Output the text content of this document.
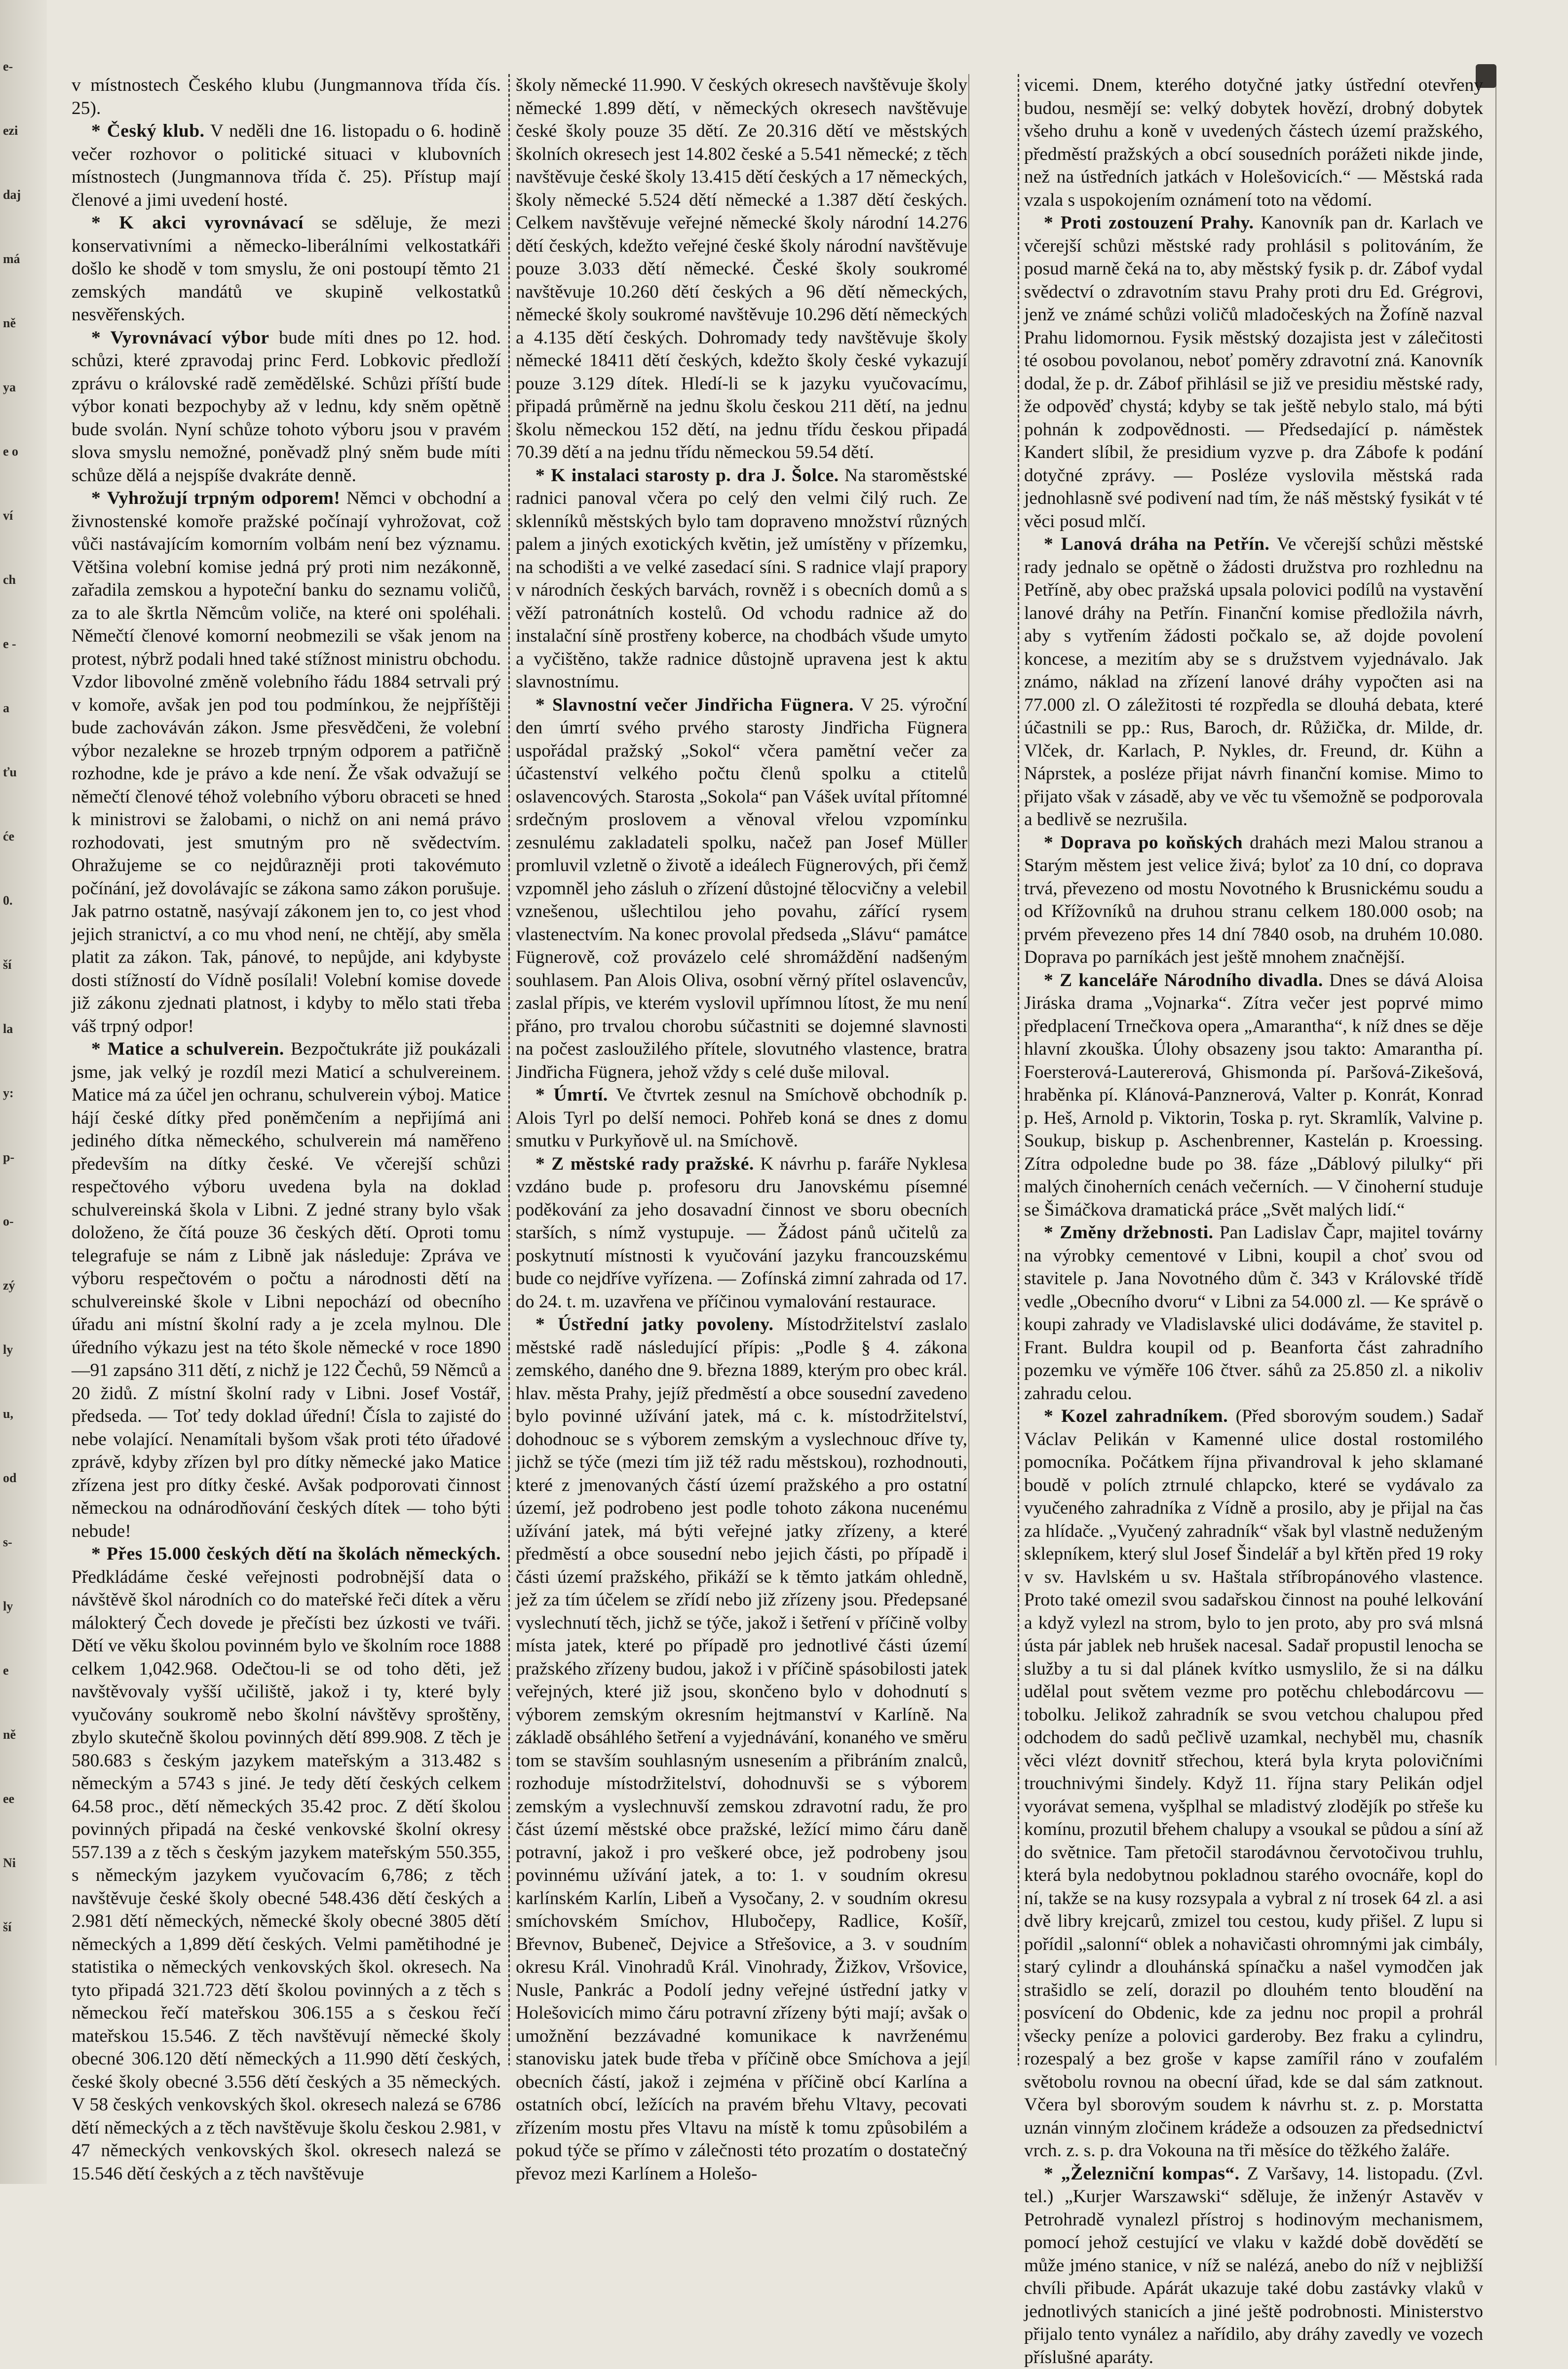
e-
ezi
daj
má
ně
ya
e o
ví
ch
e -
a
ťu
će
0.
ší
la
y:
p-
o-
zý
ly
u,
od
s-
ly
e
ně
ee
Ni
ší

v místnostech Českého klubu (Jungmannova třída čís. 25).

* Český klub. V neděli dne 16. listopadu o 6. hodině večer rozhovor o politické situaci v klubovních místnostech (Jungmannova třída č. 25). Přístup mají členové a jimi uvedení hosté.

* K akci vyrovnávací se sděluje, že mezi konservativními a německo-liberálními velkostatkáři došlo ke shodě v tom smyslu, že oni postoupí těmto 21 zemských mandátů ve skupině velkostatků nesvěřenských.

* Vyrovnávací výbor bude míti dnes po 12. hod. schůzi, které zpravodaj princ Ferd. Lobkovic předloží zprávu o královské radě zemědělské. Schůzi příští bude výbor konati bezpochyby až v lednu, kdy sněm opětně bude svolán. Nyní schůze tohoto výboru jsou v pravém slova smyslu nemožné, poněvadž plný sněm bude míti schůze dělá a nejspíše dvakráte denně.

* Vyhrožují trpným odporem! Němci v obchodní a živnostenské komoře pražské počínají vyhrožovat, což vůči nastávajícím komorním volbám není bez významu. Většina volební komise jedná prý proti nim nezákonně, zařadila zemskou a hypoteční banku do seznamu voličů, za to ale škrtla Němcům voliče, na které oni spoléhali. Němečtí členové komorní neobmezili se však jenom na protest, nýbrž podali hned také stížnost ministru obchodu. Vzdor libovolné změně volebního řádu 1884 setrvali prý v komoře, avšak jen pod tou podmínkou, že nejpříštěji bude zachováván zákon. Jsme přesvědčeni, že volební výbor nezalekne se hrozeb trpným odporem a patřičně rozhodne, kde je právo a kde není. Že však odvažují se němečtí členové téhož volebního výboru obraceti se hned k ministrovi se žalobami, o nichž on ani nemá právo rozhodovati, jest smutným pro ně svědectvím. Ohražujeme se co nejdůrazněji proti takovémuto počínání, jež dovolávajíc se zákona samo zákon porušuje. Jak patrno ostatně, nasývají zákonem jen to, co jest vhod jejich stranictví, a co mu vhod není, ne chtějí, aby směla platit za zákon. Tak, pánové, to nepůjde, ani kdybyste dosti stížností do Vídně posílali! Volební komise dovede již zákonu zjednati platnost, i kdyby to mělo stati třeba váš trpný odpor!

* Matice a schulverein. Bezpočtukráte již poukázali jsme, jak velký je rozdíl mezi Maticí a schulvereinem. Matice má za účel jen ochranu, schulverein výboj. Matice hájí české dítky před poněmčením a nepřijímá ani jediného dítka německého, schulverein má naměřeno především na dítky české. Ve včerejší schůzi respečtového výboru uvedena byla na doklad schulvereinská škola v Libni. Z jedné strany bylo však doloženo, že čítá pouze 36 českých dětí. Oproti tomu telegrafuje se nám z Libně jak následuje: Zpráva ve výboru respečtovém o počtu a národnosti dětí na schulvereinské škole v Libni nepochází od obecního úřadu ani místní školní rady a je zcela mylnou. Dle úředního výkazu jest na této škole německé v roce 1890—91 zapsáno 311 dětí, z nichž je 122 Čechů, 59 Němců a 20 židů. Z místní školní rady v Libni. Josef Vostář, předseda. — Toť tedy doklad úřední! Čísla to zajisté do nebe volající. Nenamítali byšom však proti této úřadové zprávě, kdyby zřízen byl pro dítky německé jako Matice zřízena jest pro dítky české. Avšak podporovati činnost německou na odnárodňování českých dítek — toho býti nebude!

* Přes 15.000 českých dětí na školách německých. Předkládáme české veřejnosti podrobnější data o návštěvě škol národních co do mateřské řeči dítek a věru málokterý Čech dovede je přečísti bez úzkosti ve tváři. Dětí ve věku školou povinném bylo ve školním roce 1888 celkem 1,042.968. Odečtou-li se od toho děti, jež navštěvovaly vyšší učiliště, jakož i ty, které byly vyučovány soukromě nebo školní návštěvy sproštěny, zbylo skutečně školou povinných dětí 899.908. Z těch je 580.683 s českým jazykem mateřským a 313.482 s německým a 5743 s jiné. Je tedy dětí českých celkem 64.58 proc., dětí německých 35.42 proc. Z dětí školou povinných připadá na české venkovské školní okresy 557.139 a z těch s českým jazykem mateřským 550.355, s německým jazykem vyučovacím 6,786; z těch navštěvuje české školy obecné 548.436 dětí českých a 2.981 dětí německých, německé školy obecné 3805 dětí německých a 1,899 dětí českých. Velmi pamětihodné je statistika o německých venkovských škol. okresech. Na tyto připadá 321.723 dětí školou povinných a z těch s německou řečí mateřskou 306.155 a s českou řečí mateřskou 15.546. Z těch navštěvují německé školy obecné 306.120 dětí německých a 11.990 dětí českých, české školy obecné 3.556 dětí českých a 35 německých. V 58 českých venkovských škol. okresech nalezá se 6786 dětí německých a z těch navštěvuje školu českou 2.981, v 47 německých venkovských škol. okresech nalezá se 15.546 dětí českých a z těch navštěvuje

školy německé 11.990. V českých okresech navštěvuje školy německé 1.899 dětí, v německých okresech navštěvuje české školy pouze 35 dětí. Ze 20.316 dětí ve městských školních okresech jest 14.802 české a 5.541 německé; z těch navštěvuje české školy 13.415 dětí českých a 17 německých, školy německé 5.524 dětí německé a 1.387 dětí českých. Celkem navštěvuje veřejné německé školy národní 14.276 dětí českých, kdežto veřejné české školy národní navštěvuje pouze 3.033 dětí německé. České školy soukromé navštěvuje 10.260 dětí českých a 96 dětí německých, německé školy soukromé navštěvuje 10.296 dětí německých a 4.135 dětí českých. Dohromady tedy navštěvuje školy německé 18411 dětí českých, kdežto školy české vykazují pouze 3.129 dítek. Hledí-li se k jazyku vyučovacímu, připadá průměrně na jednu školu českou 211 dětí, na jednu školu německou 152 dětí, na jednu třídu českou připadá 70.39 dětí a na jednu třídu německou 59.54 dětí.

* K instalaci starosty p. dra J. Šolce. Na staroměstské radnici panoval včera po celý den velmi čilý ruch. Ze sklenníků městských bylo tam dopraveno množství různých palem a jiných exotických květin, jež umístěny v přízemku, na schodišti a ve velké zasedací síni. S radnice vlají prapory v národních českých barvách, rovněž i s obecních domů a s věží patronátních kostelů. Od vchodu radnice až do instalační síně prostřeny koberce, na chodbách všude umyto a vyčištěno, takže radnice důstojně upravena jest k aktu slavnostnímu.

* Slavnostní večer Jindřicha Fügnera. V 25. výroční den úmrtí svého prvého starosty Jindřicha Fügnera uspořádal pražský „Sokol“ včera pamětní večer za účastenství velkého počtu členů spolku a ctitelů oslavencových. Starosta „Sokola“ pan Vášek uvítal přítomné srdečným proslovem a věnoval vřelou vzpomínku zesnulému zakladateli spolku, načež pan Josef Müller promluvil vzletně o životě a ideálech Fügnerových, při čemž vzpomněl jeho zásluh o zřízení důstojné tělocvičny a velebil vznešenou, ušlechtilou jeho povahu, zářící rysem vlastenectvím. Na konec provolal předseda „Slávu“ památce Fügnerově, což provázelo celé shromáždění nadšeným souhlasem. Pan Alois Oliva, osobní věrný přítel oslavencův, zaslal přípis, ve kterém vyslovil upřímnou lítost, že mu není přáno, pro trvalou chorobu súčastniti se dojemné slavnosti na počest zasloužilého přítele, slovutného vlastence, bratra Jindřicha Fügnera, jehož vždy s celé duše miloval.

* Úmrtí. Ve čtvrtek zesnul na Smíchově obchodník p. Alois Tyrl po delší nemoci. Pohřeb koná se dnes z domu smutku v Purkyňově ul. na Smíchově.

* Z městské rady pražské. K návrhu p. faráře Nyklesa vzdáno bude p. profesoru dru Janovskému písemné poděkování za jeho dosavadní činnost ve sboru obecních starších, s nímž vystupuje. — Žádost pánů učitelů za poskytnutí místnosti k vyučování jazyku francouzskému bude co nejdříve vyřízena. — Zofínská zimní zahrada od 17. do 24. t. m. uzavřena ve příčinou vymalování restaurace.

* Ústřední jatky povoleny. Místodržitelství zaslalo městské radě následující přípis: „Podle § 4. zákona zemského, daného dne 9. března 1889, kterým pro obec král. hlav. města Prahy, jejíž předměstí a obce sousední zavedeno bylo povinné užívání jatek, má c. k. místodržitelství, dohodnouc se s výborem zemským a vyslechnouc dříve ty, jichž se týče (mezi tím již též radu městskou), rozhodnouti, které z jmenovaných částí území pražského a pro ostatní území, jež podrobeno jest podle tohoto zákona nucenému užívání jatek, má býti veřejné jatky zřízeny, a které předměstí a obce sousední nebo jejich části, po případě i části území pražského, přikáží se k těmto jatkám ohledně, jež za tím účelem se zřídí nebo již zřízeny jsou. Předepsané vyslechnutí těch, jichž se týče, jakož i šetření v příčině volby místa jatek, které po případě pro jednotlivé části území pražského zřízeny budou, jakož i v příčině spásobilosti jatek veřejných, které již jsou, skončeno bylo v dohodnutí s výborem zemským okresním hejtmanství v Karlíně. Na základě obsáhlého šetření a vyjednávání, konaného ve směru tom se stavším souhlasným usnesením a přibráním znalců, rozhoduje místodržitelství, dohodnuvši se s výborem zemským a vyslechnuvší zemskou zdravotní radu, že pro část území městské obce pražské, ležící mimo čáru daně potravní, jakož i pro veškeré obce, jež podrobeny jsou povinnému užívání jatek, a to: 1. v soudním okresu karlínském Karlín, Libeň a Vysočany, 2. v soudním okresu smíchovském Smíchov, Hlubočepy, Radlice, Košíř, Břevnov, Bubeneč, Dejvice a Střešovice, a 3. v soudním okresu Král. Vinohradů Král. Vinohrady, Žižkov, Vršovice, Nusle, Pankrác a Podolí jedny veřejné ústřední jatky v Holešovicích mimo čáru potravní zřízeny býti mají; avšak o umožnění bezzávadné komunikace k navrženému stanovisku jatek bude třeba v příčině obce Smíchova a její obecních částí, jakož i zejména v příčině obcí Karlína a ostatních obcí, ležících na pravém břehu Vltavy, pecovati zřízením mostu přes Vltavu na místě k tomu způsobilém a pokud týče se přímo v zálečnosti této prozatím o dostatečný převoz mezi Karlínem a Holešo-

vicemi. Dnem, kterého dotyčné jatky ústřední otevřeny budou, nesmějí se: velký dobytek hovězí, drobný dobytek všeho druhu a koně v uvedených částech území pražského, předměstí pražských a obcí sousedních porážeti nikde jinde, než na ústředních jatkách v Holešovicích.“ — Městská rada vzala s uspokojením oznámení toto na vědomí.

* Proti zostouzení Prahy. Kanovník pan dr. Karlach ve včerejší schůzi městské rady prohlásil s politováním, že posud marně čeká na to, aby městský fysik p. dr. Zábof vydal svědectví o zdravotním stavu Prahy proti dru Ed. Grégrovi, jenž ve známé schůzi voličů mladočeských na Žofíně nazval Prahu lidomornou. Fysik městský dozajista jest v zálečitosti té osobou povolanou, neboť poměry zdravotní zná. Kanovník dodal, že p. dr. Zábof přihlásil se již ve presidiu městské rady, že odpověď chystá; kdyby se tak ještě nebylo stalo, má býti pohnán k zodpovědnosti. — Předsedající p. náměstek Kandert slíbil, že presidium vyzve p. dra Zábofe k podání dotyčné zprávy. — Posléze vyslovila městská rada jednohlasně své podivení nad tím, že náš městský fysikát v té věci posud mlčí.

* Lanová dráha na Petřín. Ve včerejší schůzi městské rady jednalo se opětně o žádosti družstva pro rozhlednu na Petříně, aby obec pražská upsala polovici podílů na vystavění lanové dráhy na Petřín. Finanční komise předložila návrh, aby s vytřením žádosti počkalo se, až dojde povolení koncese, a mezitím aby se s družstvem vyjednávalo. Jak známo, náklad na zřízení lanové dráhy vypočten asi na 77.000 zl. O záležitosti té rozpředla se dlouhá debata, které účastnili se pp.: Rus, Baroch, dr. Růžička, dr. Milde, dr. Vlček, dr. Karlach, P. Nykles, dr. Freund, dr. Kühn a Náprstek, a posléze přijat návrh finanční komise. Mimo to přijato však v zásadě, aby ve věc tu všemožně se podporovala a bedlivě se nezrušila.

* Doprava po koňských drahách mezi Malou stranou a Starým městem jest velice živá; byloť za 10 dní, co doprava trvá, převezeno od mostu Novotného k Brusnickému soudu a od Křížovníků na druhou stranu celkem 180.000 osob; na prvém převezeno přes 14 dní 7840 osob, na druhém 10.080. Doprava po parníkách jest ještě mnohem značnější.

* Z kanceláře Národního divadla. Dnes se dává Aloisa Jiráska drama „Vojnarka“. Zítra večer jest poprvé mimo předplacení Trnečkova opera „Amarantha“, k níž dnes se děje hlavní zkouška. Úlohy obsazeny jsou takto: Amarantha pí. Foersterová-Lautererová, Ghismonda pí. Paršová-Zikešová, hraběnka pí. Klánová-Panznerová, Valter p. Konrát, Konrad p. Heš, Arnold p. Viktorin, Toska p. ryt. Skramlík, Valvine p. Soukup, biskup p. Aschenbrenner, Kastelán p. Kroessing. Zítra odpoledne bude po 38. fáze „Dáblový pilulky“ při malých činoherních cenách večerních. — V činoherní studuje se Šimáčkova dramatická práce „Svět malých lidí.“

* Změny držebnosti. Pan Ladislav Čapr, majitel továrny na výrobky cementové v Libni, koupil a choť svou od stavitele p. Jana Novotného dům č. 343 v Královské třídě vedle „Obecního dvoru“ v Libni za 54.000 zl. — Ke správě o koupi zahrady ve Vladislavské ulici dodáváme, že stavitel p. Frant. Buldra koupil od p. Beanforta část zahradního pozemku ve výměře 106 čtver. sáhů za 25.850 zl. a nikoliv zahradu celou.

* Kozel zahradníkem. (Před sborovým soudem.) Sadař Václav Pelikán v Kamenné ulice dostal rostomilého pomocníka. Počátkem října přivandroval k jeho sklamané boudě v polích ztrnulé chlapcko, které se vydávalo za vyučeného zahradníka z Vídně a prosilo, aby je přijal na čas za hlídače. „Vyučený zahradník“ však byl vlastně neduženým sklepníkem, který slul Josef Šindelář a byl křtěn před 19 roky v sv. Havlském u sv. Haštala stříbropánového vlastence. Proto také omezil svou sadařskou činnost na pouhé lelkování a když vylezl na strom, bylo to jen proto, aby pro svá mlsná ústa pár jablek neb hrušek nacesal. Sadař propustil lenocha se služby a tu si dal plánek kvítko usmyslilo, že si na dálku udělal pout světem vezme pro potěchu chlebodárcovu — tobolku. Jelikož zahradník se svou vetchou chalupou před odchodem do sadů pečlivě uzamkal, nechyběl mu, chasník věci vlézt dovnitř střechou, která byla kryta polovičními trouchnivými šindely. Když 11. října stary Pelikán odjel vyorávat semena, vyšplhal se mladistvý zlodějík po střeše ku komínu, prozutil břehem chalupy a vsoukal se půdou a síní až do světnice. Tam přetočil starodávnou červotočivou truhlu, která byla nedobytnou pokladnou starého ovocnáře, kopl do ní, takže se na kusy rozsypala a vybral z ní trosek 64 zl. a asi dvě libry krejcarů, zmizel tou cestou, kudy přišel. Z lupu si pořídil „salonní“ oblek a nohavičasti ohromnými jak cimbály, starý cylindr a dlouhánská spínačku a našel vymodčen jak strašidlo se zelí, dorazil po dlouhém tento bloudění na posvícení do Obdenic, kde za jednu noc propil a prohrál všecky peníze a polovici garderoby. Bez fraku a cylindru, rozespalý a bez groše v kapse zamířil ráno v zoufalém světobolu rovnou na obecní úřad, kde se dal sám zatknout. Včera byl sborovým soudem k návrhu st. z. p. Morstatta uznán vinným zločinem krádeže a odsouzen za předsednictví vrch. z. s. p. dra Vokouna na tři měsíce do těžkého žaláře.

* „Železniční kompas“. Z Varšavy, 14. listopadu. (Zvl. tel.) „Kurjer Warszawski“ sděluje, že inženýr Astavěv v Petrohradě vynalezl přístroj s hodinovým mechanismem, pomocí jehož cestující ve vlaku v každé době dovědětí se může jméno stanice, v níž se nalézá, anebo do níž v nejbližší chvíli přibude. Apárát ukazuje také dobu zastávky vlaků v jednotlivých stanicích a jiné ještě podrobnosti. Ministerstvo přijalo tento vynález a nařídilo, aby dráhy zavedly ve vozech příslušné aparáty.
